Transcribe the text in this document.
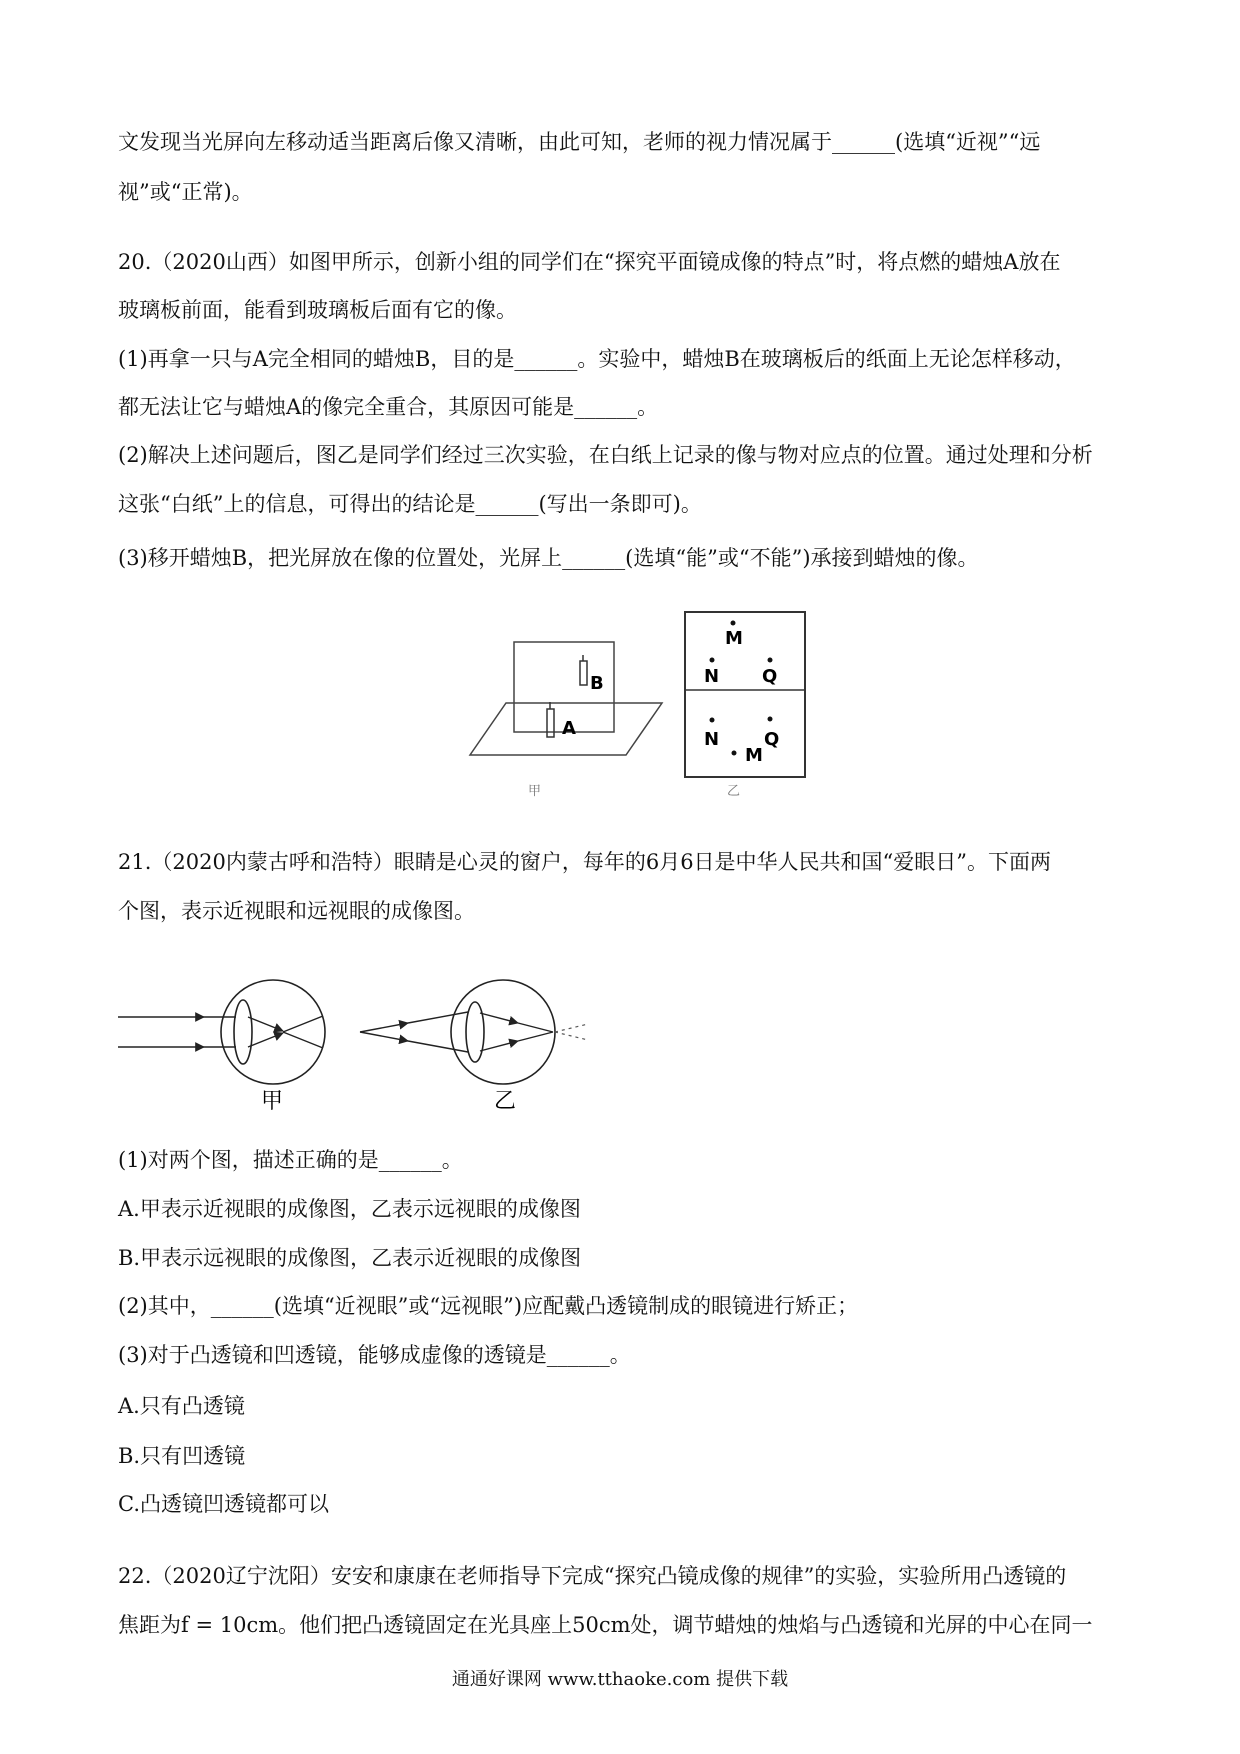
文发现当光屏向左移动适当距离后像又清晰，由此可知，老师的视力情况属于______(选填“近视”“远
视”或“正常)。
20.（2020山西）如图甲所示，创新小组的同学们在“探究平面镜成像的特点”时，将点燃的蜡烛A放在
玻璃板前面，能看到玻璃板后面有它的像。
(1)再拿一只与A完全相同的蜡烛B，目的是______。实验中，蜡烛B在玻璃板后的纸面上无论怎样移动，
都无法让它与蜡烛A的像完全重合，其原因可能是______。
(2)解决上述问题后，图乙是同学们经过三次实验，在白纸上记录的像与物对应点的位置。通过处理和分析
这张“白纸”上的信息，可得出的结论是______(写出一条即可)。
(3)移开蜡烛B，把光屏放在像的位置处，光屏上______(选填“能”或“不能”)承接到蜡烛的像。
B
A
甲
M
N Q
N Q
M
乙
21.（2020内蒙古呼和浩特）眼睛是心灵的窗户，每年的6月6日是中华人民共和国“爱眼日”。下面两
个图，表示近视眼和远视眼的成像图。
甲	乙
(1)对两个图，描述正确的是______。
A.甲表示近视眼的成像图，乙表示远视眼的成像图
B.甲表示远视眼的成像图，乙表示近视眼的成像图
(2)其中，______(选填“近视眼”或“远视眼”)应配戴凸透镜制成的眼镜进行矫正；
(3)对于凸透镜和凹透镜，能够成虚像的透镜是______。
A.只有凸透镜
B.只有凹透镜
C.凸透镜凹透镜都可以
22.（2020辽宁沈阳）安安和康康在老师指导下完成“探究凸镜成像的规律”的实验，实验所用凸透镜的
焦距为f = 10cm。他们把凸透镜固定在光具座上50cm处，调节蜡烛的烛焰与凸透镜和光屏的中心在同一
通通好课网 www.tthaoke.com 提供下载
